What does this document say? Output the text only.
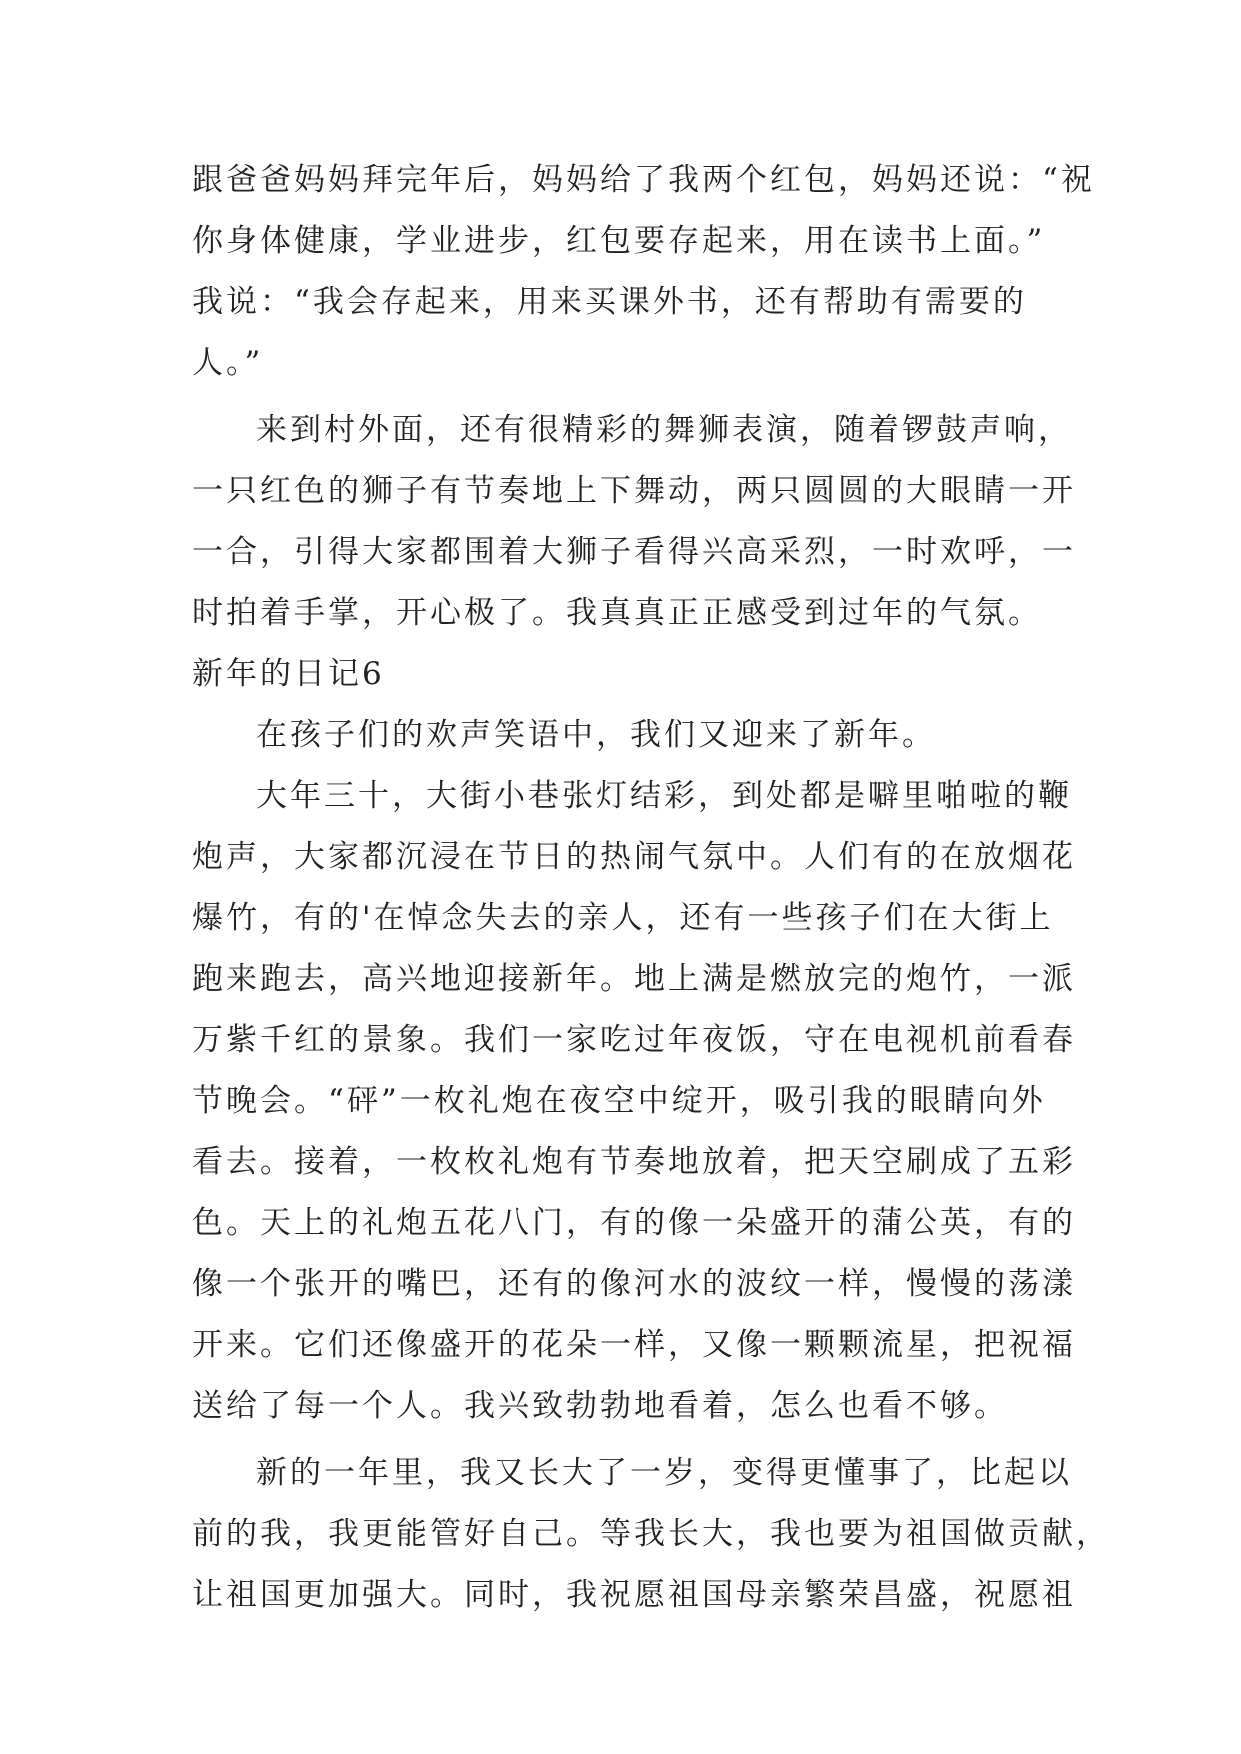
跟爸爸妈妈拜完年后，妈妈给了我两个红包，妈妈还说：“祝
你身体健康，学业进步，红包要存起来，用在读书上面。”
我说：“我会存起来，用来买课外书，还有帮助有需要的
人。”
来到村外面，还有很精彩的舞狮表演，随着锣鼓声响，
一只红色的狮子有节奏地上下舞动，两只圆圆的大眼睛一开
一合，引得大家都围着大狮子看得兴高采烈，一时欢呼，一
时拍着手掌，开心极了。我真真正正感受到过年的气氛。
新年的日记6
在孩子们的欢声笑语中，我们又迎来了新年。
大年三十，大街小巷张灯结彩，到处都是噼里啪啦的鞭
炮声，大家都沉浸在节日的热闹气氛中。人们有的在放烟花
爆竹，有的'在悼念失去的亲人，还有一些孩子们在大街上
跑来跑去，高兴地迎接新年。地上满是燃放完的炮竹，一派
万紫千红的景象。我们一家吃过年夜饭，守在电视机前看春
节晚会。“砰”一枚礼炮在夜空中绽开，吸引我的眼睛向外
看去。接着，一枚枚礼炮有节奏地放着，把天空刷成了五彩
色。天上的礼炮五花八门，有的像一朵盛开的蒲公英，有的
像一个张开的嘴巴，还有的像河水的波纹一样，慢慢的荡漾
开来。它们还像盛开的花朵一样，又像一颗颗流星，把祝福
送给了每一个人。我兴致勃勃地看着，怎么也看不够。
新的一年里，我又长大了一岁，变得更懂事了，比起以
前的我，我更能管好自己。等我长大，我也要为祖国做贡献，
让祖国更加强大。同时，我祝愿祖国母亲繁荣昌盛，祝愿祖
